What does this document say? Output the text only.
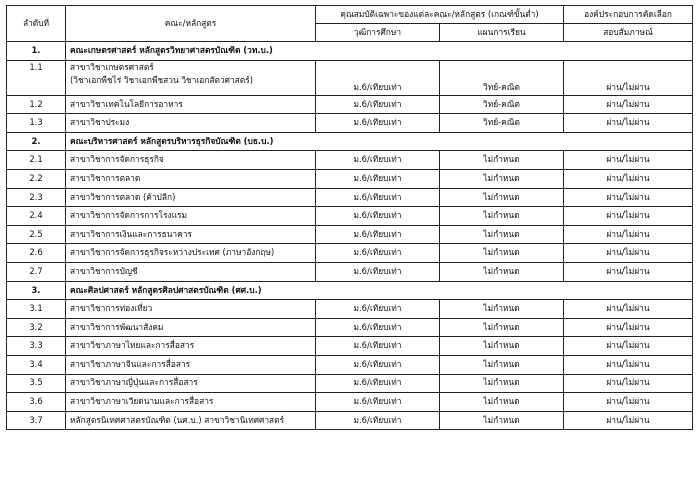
ลำดับที่	คณะ/หลักสูตร	คุณสมบัติเฉพาะของแต่ละคณะ/หลักสูตร (เกณฑ์ขั้นต่ำ)		องค์ประกอบการคัดเลือก
		วุฒิการศึกษา	แผนการเรียน	สอบสัมภาษณ์
1.	คณะเกษตรศาสตร์ หลักสูตรวิทยาศาสตรบัณฑิต (วท.บ.)			
1.1	สาขาวิชาเกษตรศาสตร์
(วิชาเอกพืชไร่ วิชาเอกพืชสวน วิชาเอกสัตวศาสตร์)	ม.6/เทียบเท่า	วิทย์-คณิต	ผ่าน/ไม่ผ่าน
1.2	สาขาวิชาเทคโนโลยีการอาหาร	ม.6/เทียบเท่า	วิทย์-คณิต	ผ่าน/ไม่ผ่าน
1.3	สาขาวิชาประมง	ม.6/เทียบเท่า	วิทย์-คณิต	ผ่าน/ไม่ผ่าน
2.	คณะบริหารศาสตร์ หลักสูตรบริหารธุรกิจบัณฑิต (บธ.บ.)			
2.1	สาขาวิชาการจัดการธุรกิจ	ม.6/เทียบเท่า	ไม่กำหนด	ผ่าน/ไม่ผ่าน
2.2	สาขาวิชาการตลาด	ม.6/เทียบเท่า	ไม่กำหนด	ผ่าน/ไม่ผ่าน
2.3	สาขาวิชาการตลาด (ค้าปลีก)	ม.6/เทียบเท่า	ไม่กำหนด	ผ่าน/ไม่ผ่าน
2.4	สาขาวิชาการจัดการการโรงแรม	ม.6/เทียบเท่า	ไม่กำหนด	ผ่าน/ไม่ผ่าน
2.5	สาขาวิชาการเงินและการธนาคาร	ม.6/เทียบเท่า	ไม่กำหนด	ผ่าน/ไม่ผ่าน
2.6	สาขาวิชาการจัดการธุรกิจระหว่างประเทศ (ภาษาอังกฤษ)	ม.6/เทียบเท่า	ไม่กำหนด	ผ่าน/ไม่ผ่าน
2.7	สาขาวิชาการบัญชี	ม.6/เทียบเท่า	ไม่กำหนด	ผ่าน/ไม่ผ่าน
3.	คณะศิลปศาสตร์ หลักสูตรศิลปศาสตรบัณฑิต (ศศ.บ.)			
3.1	สาขาวิชาการท่องเที่ยว	ม.6/เทียบเท่า	ไม่กำหนด	ผ่าน/ไม่ผ่าน
3.2	สาขาวิชาการพัฒนาสังคม	ม.6/เทียบเท่า	ไม่กำหนด	ผ่าน/ไม่ผ่าน
3.3	สาขาวิชาภาษาไทยและการสื่อสาร	ม.6/เทียบเท่า	ไม่กำหนด	ผ่าน/ไม่ผ่าน
3.4	สาขาวิชาภาษาจีนและการสื่อสาร	ม.6/เทียบเท่า	ไม่กำหนด	ผ่าน/ไม่ผ่าน
3.5	สาขาวิชาภาษาญี่ปุ่นและการสื่อสาร	ม.6/เทียบเท่า	ไม่กำหนด	ผ่าน/ไม่ผ่าน
3.6	สาขาวิชาภาษาเวียดนามและการสื่อสาร	ม.6/เทียบเท่า	ไม่กำหนด	ผ่าน/ไม่ผ่าน
3.7	หลักสูตรนิเทศศาสตรบัณฑิต (นศ.บ.) สาขาวิชานิเทศศาสตร์	ม.6/เทียบเท่า	ไม่กำหนด	ผ่าน/ไม่ผ่าน
